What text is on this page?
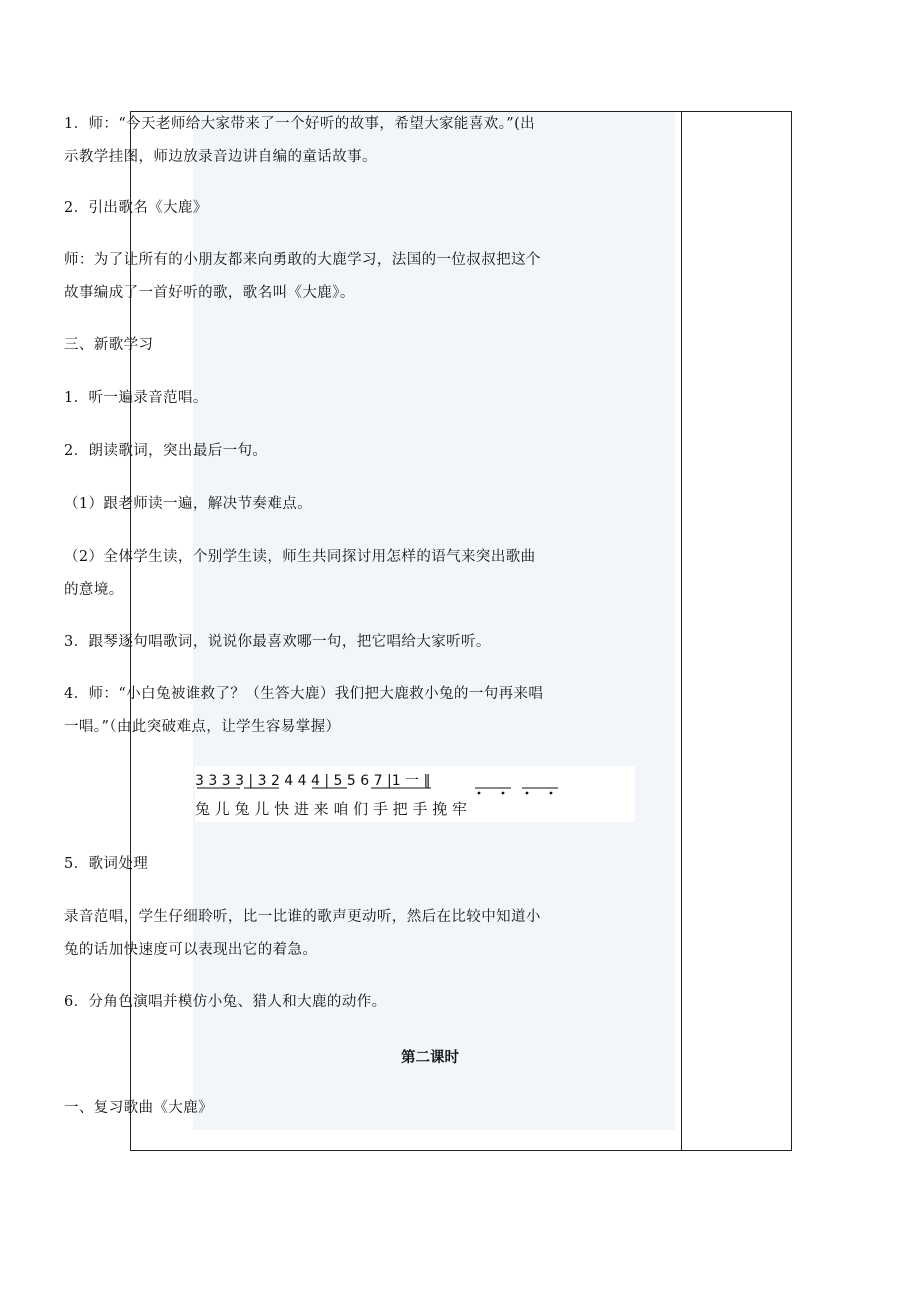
1．师：“今天老师给大家带来了一个好听的故事，希望大家能喜欢。”(出示教学挂图，师边放录音边讲自编的童话故事。
2．引出歌名《大鹿》
师：为了让所有的小朋友都来向勇敢的大鹿学习，法国的一位叔叔把这个故事编成了一首好听的歌，歌名叫《大鹿》。
三、新歌学习
1．听一遍录音范唱。
2．朗读歌词，突出最后一句。
（1）跟老师读一遍，解决节奏难点。
（2）全体学生读，个别学生读，师生共同探讨用怎样的语气来突出歌曲的意境。
3．跟琴逐句唱歌词，说说你最喜欢哪一句，把它唱给大家听听。
4．师：“小白兔被谁救了？（生答大鹿）我们把大鹿救小兔的一句再来唱一唱。”（由此突破难点，让学生容易掌握）
3 3 3 3 | 3 2 4 4 4 | 5 5 6 7 |1 一 ‖
兔 儿 兔 儿 快 进 来 咱 们 手 把 手 挽 牢
5．歌词处理
录音范唱，学生仔细聆听，比一比谁的歌声更动听，然后在比较中知道小兔的话加快速度可以表现出它的着急。
6．分角色演唱并模仿小兔、猎人和大鹿的动作。
第二课时
一、复习歌曲《大鹿》
